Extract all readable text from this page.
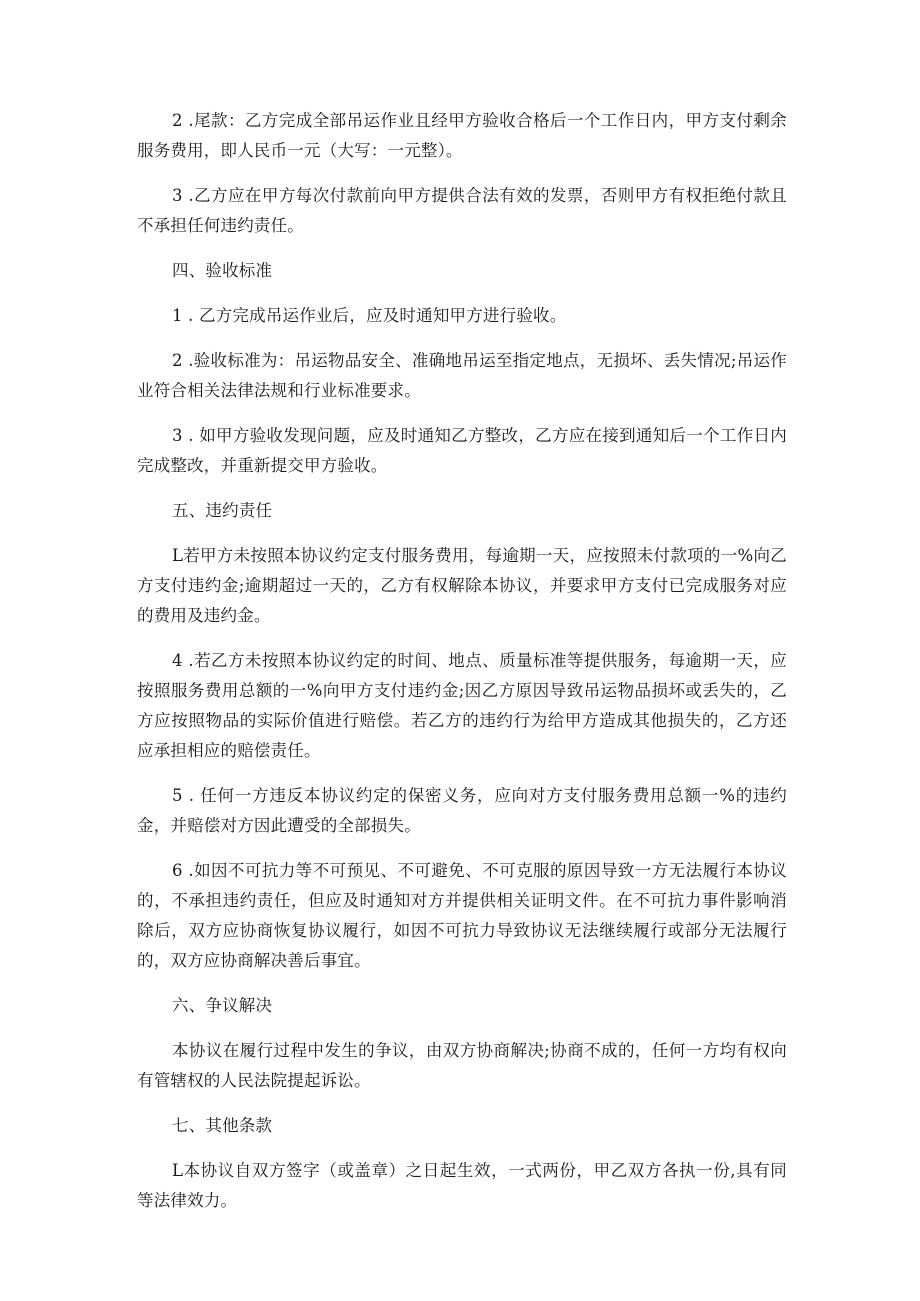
2 .尾款：乙方完成全部吊运作业且经甲方验收合格后一个工作日内，甲方支付剩余服务费用，即人民币一元（大写：一元整）。

3 .乙方应在甲方每次付款前向甲方提供合法有效的发票，否则甲方有权拒绝付款且不承担任何违约责任。

四、验收标准

1 . 乙方完成吊运作业后，应及时通知甲方进行验收。

2 .验收标准为：吊运物品安全、准确地吊运至指定地点，无损坏、丢失情况;吊运作业符合相关法律法规和行业标准要求。

3 . 如甲方验收发现问题，应及时通知乙方整改，乙方应在接到通知后一个工作日内完成整改，并重新提交甲方验收。

五、违约责任

L若甲方未按照本协议约定支付服务费用，每逾期一天，应按照未付款项的一%向乙方支付违约金;逾期超过一天的，乙方有权解除本协议，并要求甲方支付已完成服务对应的费用及违约金。

4 .若乙方未按照本协议约定的时间、地点、质量标准等提供服务，每逾期一天，应按照服务费用总额的一%向甲方支付违约金;因乙方原因导致吊运物品损坏或丢失的，乙方应按照物品的实际价值进行赔偿。若乙方的违约行为给甲方造成其他损失的，乙方还应承担相应的赔偿责任。

5 . 任何一方违反本协议约定的保密义务，应向对方支付服务费用总额一%的违约金，并赔偿对方因此遭受的全部损失。

6 .如因不可抗力等不可预见、不可避免、不可克服的原因导致一方无法履行本协议的，不承担违约责任，但应及时通知对方并提供相关证明文件。在不可抗力事件影响消除后，双方应协商恢复协议履行，如因不可抗力导致协议无法继续履行或部分无法履行的，双方应协商解决善后事宜。

六、争议解决

本协议在履行过程中发生的争议，由双方协商解决;协商不成的，任何一方均有权向有管辖权的人民法院提起诉讼。

七、其他条款

L本协议自双方签字（或盖章）之日起生效，一式两份，甲乙双方各执一份,具有同等法律效力。
